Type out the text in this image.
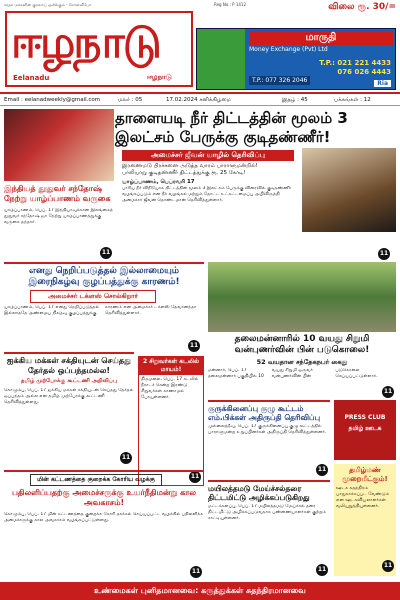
சமூக மக்களின் குரலாய் ஒலிக்கும் - சோளவீபோ	Reg No.: P 1412	விலை ரூ. 30/=
ஈழநாடு
Eelanadu	ஈழநாடு
மாருதி
Money Exchange (Pvt) Ltd
T.P.: 021 221 4433
076 026 4443
T.P.: 077 326 2046	Ria
Email : eelanadweekly@gmail.com	மலர் : 05	17.02.2024 சனிக்கிழமை	இதழ் : 45	பக்கங்கள் : 12
இந்தியத் தூதுவர் சந்தோஷ் நேற்று யாழ்ப்பாணம் வருகை
யாழ்ப்பாணம், பெப். 17 இந்தியாவுக்கான இலங்கைத் தூதுவர் சந்தோஷ் ஜா நேற்று யாழ்ப்பாணத்துக்கு வருகை தந்தார்.
11
தாளையடி நீர் திட்டத்தின் மூலம் 3 இலட்சம் பேருக்கு குடிதண்ணீர்!
அமைச்சர் ஜீவன் யாழில் தெரிவிப்பு
இரணைமடு பிரச்சனை அடுத்த வாரம் பாராளுமன்றில்!
பாலியாறு குடிதண்ணீர் திட்டத்துக்கு ரூ. 25 கோடி!
யாழ்ப்பாணம், பெப்ரவரி 17
பாரிய நீர் விநியோக திட்டத்தின் மூலம் 3 இலட்சம் பேருக்கு விரைவில் குடிதண்ணீர் வழங்கப்படும் என நீர் வழங்கல் மற்றும் தோட்ட உட்கட்டமைப்பு அபிவிருத்தி அமைச்சர் ஜீவன் தொண்டமான் தெரிவித்துள்ளார்.
11
எனது நெறிப்படுத்தல் இல்லாமையும் இரைநிகழ்வு குழப்பத்துக்கு காரணம்!
அமைச்சர் டக்ளஸ் சொல்கிறார்
யாழ்ப்பாணம், பெப். 17 எனது நெறிப்படுத்தல் இல்லாததே அண்மைய நிகழ்வு குழப்பத்துக்கு காரணம் என அமைச்சர் டக்ளஸ் தேவானந்தா தெரிவித்துள்ளார்.
11
தலைமன்னாரில் 10 வயது சிறுமி வன்புணர்வின் பின் படுகொலை!
52 வயதான சந்தேகநபர் கைது
மன்னார், பெப். 17 தலைமன்னார் பகுதியில் 10 வயது சிறுமி ஒருவர் வன்புணர்வின் பின் படுகொலை செய்யப்பட்டுள்ளார்.
11
ஐக்கிய மக்கள் சக்தியுடன் செய்தது தேர்தல் ஒப்பந்தமல்ல!
தமிழ் முற்போக்கு கூட்டணி அறிவிப்பு
கொழும்பு, பெப். 17 ஐக்கிய மக்கள் சக்தியுடன் செய்தது தேர்தல் ஒப்பந்தம் அல்ல என தமிழ் முற்போக்கு கூட்டணி தெரிவித்துள்ளது.
11
2 சிறுவர்கள் கடலில் மாயம்!
திருமலை, பெப். 17 கடலில் நீராடச் சென்ற இரண்டு சிறுவர்கள் காணாமல் போயுள்ளனர்.
11
குருக்கினைப்பு குழு கூட்டம் எம்.பிக்கள் அதிருப்தி தெரிவிப்பு
முல்லைத்தீவு, பெப். 17 குருக்கினைப்பு குழு கூட்டத்தில் பாராளுமன்ற உறுப்பினர்கள் அதிருப்தி தெரிவித்துள்ளனர்.
11
மயிலத்தமடு மேய்ச்சல்தரை திட்டமிட்டு அழிக்கப்படுகிறது
மட்டக்களப்பு, பெப். 17 மயிலத்தமடு மேய்ச்சல் தரை திட்டமிட்டு அழிக்கப்படுவதாக பண்ணையாளர்கள் குற்றம் சாட்டியுள்ளனர்.
11
மின் கட்டணத்தை குறைக்க கோரிய வழக்கு
பதிலளிப்பதற்கு அமைச்சருக்கு உயர்நீதிமன்று கால அவகாசம்!
கொழும்பு, பெப். 17 மின் கட்டணத்தை குறைக்க கோரி தாக்கல் செய்யப்பட்ட வழக்கில் பதிலளிக்க அமைச்சருக்கு கால அவகாசம் வழங்கப்பட்டுள்ளது.
11
PRESS CLUB
தமிழ் ஊடக
தமிழ்மண் முறைமீட்கும்!
ஊடக சுதந்திரம் பாதுகாக்கப்பட வேண்டும் என ஊடகவியலாளர்கள் வலியுறுத்தியுள்ளனர்.
11
உண்மைகள் புனிதமானவை: கருத்துக்கள் சுதந்திரமானவை
